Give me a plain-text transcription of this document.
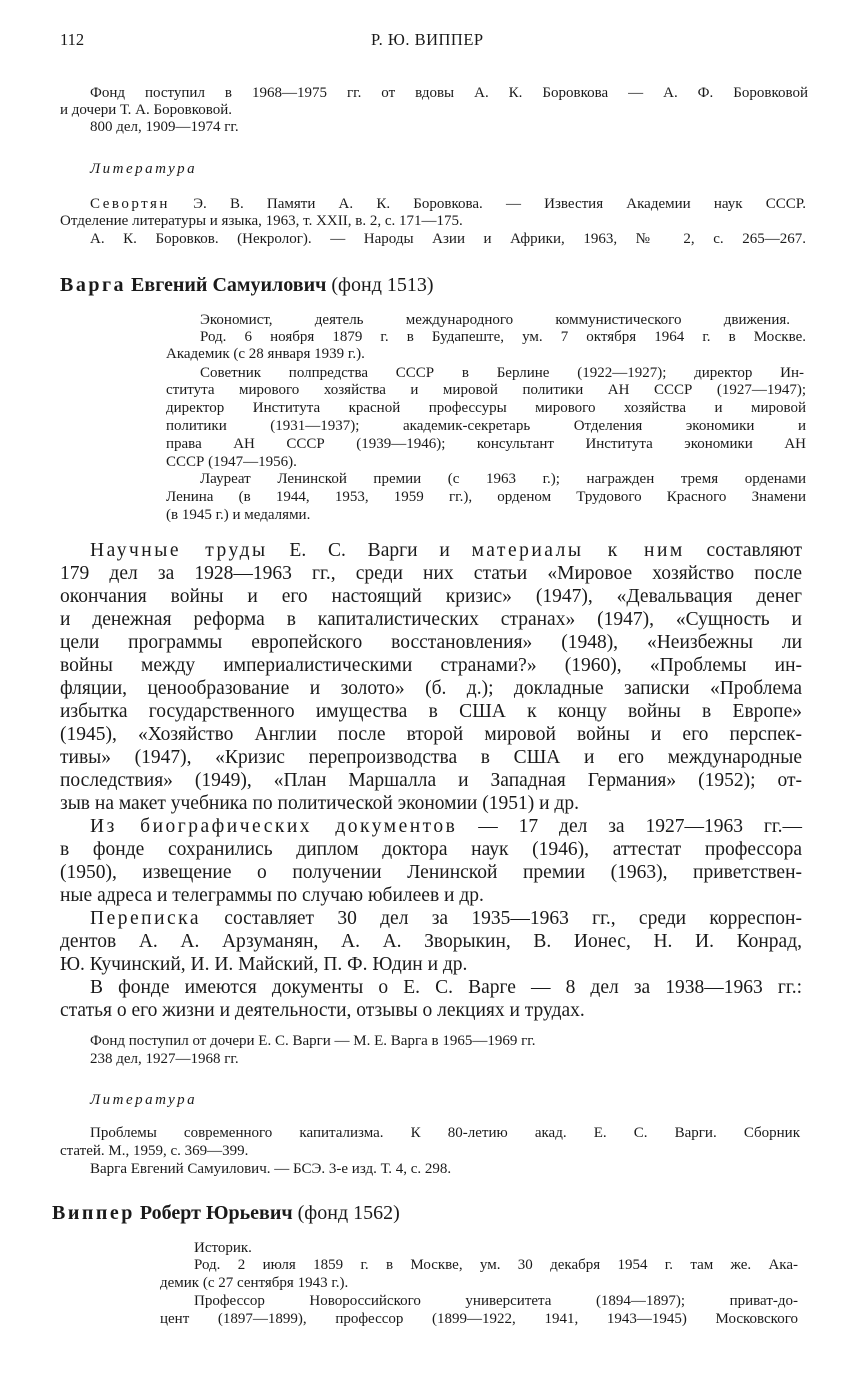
112	Р. Ю. ВИППЕР
Фонд поступил в 1968—1975 гг. от вдовы А. К. Боровкова — А. Ф. Боровковой
и дочери Т. А. Боровковой.
800 дел, 1909—1974 гг.
Литература
Севортян Э. В. Памяти А. К. Боровкова. — Известия Академии наук СССР.
Отделение литературы и языка, 1963, т. XXII, в. 2, с. 171—175.
А. К. Боровков. (Некролог). — Народы Азии и Африки, 1963, № 2, с. 265—267.
Варга Евгений Самуилович (фонд 1513)
Экономист, деятель международного коммунистического движения.
Род. 6 ноября 1879 г. в Будапеште, ум. 7 октября 1964 г. в Москве.
Академик (с 28 января 1939 г.).
Советник полпредства СССР в Берлине (1922—1927); директор Ин-
ститута мирового хозяйства и мировой политики АН СССР (1927—1947);
директор Института красной профессуры мирового хозяйства и мировой
политики (1931—1937); академик-секретарь Отделения экономики и
права АН СССР (1939—1946); консультант Института экономики АН
СССР (1947—1956).
Лауреат Ленинской премии (с 1963 г.); награжден тремя орденами
Ленина (в 1944, 1953, 1959 гг.), орденом Трудового Красного Знамени
(в 1945 г.) и медалями.
Научные труды Е. С. Варги и материалы к ним составляют
179 дел за 1928—1963 гг., среди них статьи «Мировое хозяйство после
окончания войны и его настоящий кризис» (1947), «Девальвация денег
и денежная реформа в капиталистических странах» (1947), «Сущность и
цели программы европейского восстановления» (1948), «Неизбежны ли
войны между империалистическими странами?» (1960), «Проблемы ин-
фляции, ценообразование и золото» (б. д.); докладные записки «Проблема
избытка государственного имущества в США к концу войны в Европе»
(1945), «Хозяйство Англии после второй мировой войны и его перспек-
тивы» (1947), «Кризис перепроизводства в США и его международные
последствия» (1949), «План Маршалла и Западная Германия» (1952); от-
зыв на макет учебника по политической экономии (1951) и др.
Из биографических документов — 17 дел за 1927—1963 гг.—
в фонде сохранились диплом доктора наук (1946), аттестат профессора
(1950), извещение о получении Ленинской премии (1963), приветствен-
ные адреса и телеграммы по случаю юбилеев и др.
Переписка составляет 30 дел за 1935—1963 гг., среди корреспон-
дентов А. А. Арзуманян, А. А. Зворыкин, В. Ионес, Н. И. Конрад,
Ю. Кучинский, И. И. Майский, П. Ф. Юдин и др.
В фонде имеются документы о Е. С. Варге — 8 дел за 1938—1963 гг.:
статья о его жизни и деятельности, отзывы о лекциях и трудах.
Фонд поступил от дочери Е. С. Варги — М. Е. Варга в 1965—1969 гг.
238 дел, 1927—1968 гг.
Литература
Проблемы современного капитализма. К 80-летию акад. Е. С. Варги. Сборник
статей. М., 1959, с. 369—399.
Варга Евгений Самуилович. — БСЭ. 3-е изд. Т. 4, с. 298.
Виппер Роберт Юрьевич (фонд 1562)
Историк.
Род. 2 июля 1859 г. в Москве, ум. 30 декабря 1954 г. там же. Ака-
демик (с 27 сентября 1943 г.).
Профессор Новороссийского университета (1894—1897); приват-до-
цент (1897—1899), профессор (1899—1922, 1941, 1943—1945) Московского
